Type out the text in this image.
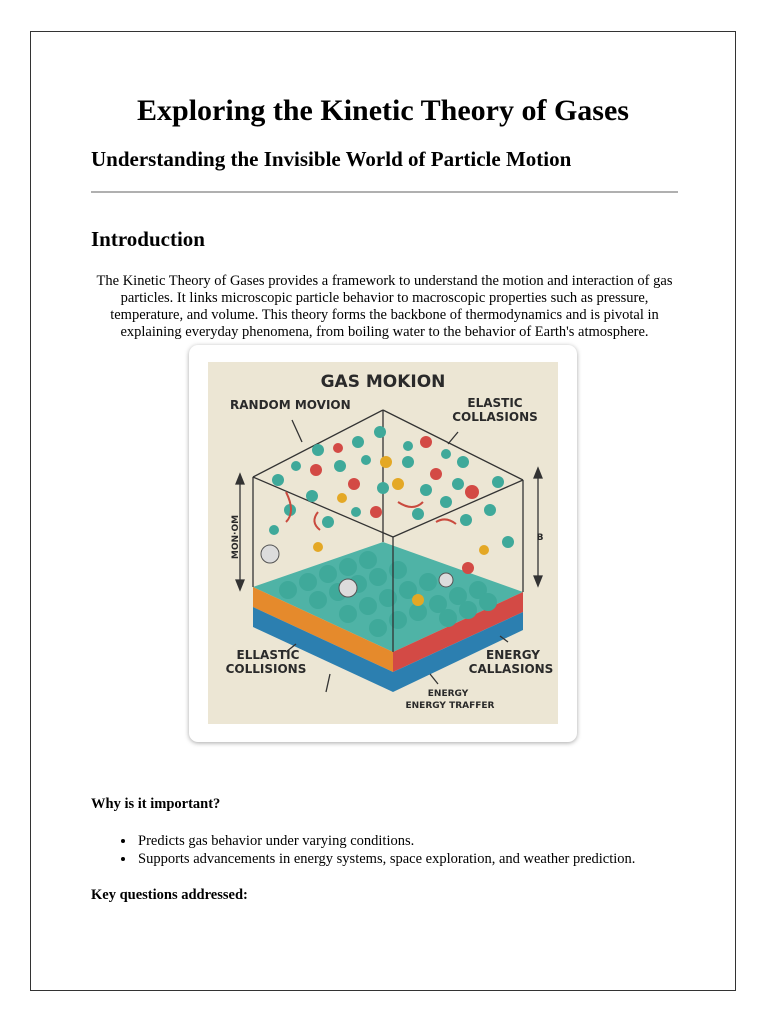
Exploring the Kinetic Theory of Gases
Understanding the Invisible World of Particle Motion
Introduction

The Kinetic Theory of Gases provides a framework to understand the motion and interaction of gas particles. It links microscopic particle behavior to macroscopic properties such as pressure, temperature, and volume. This theory forms the backbone of thermodynamics and is pivotal in explaining everyday phenomena, from boiling water to the behavior of Earth's atmosphere.

GAS MOKION
RANDOM MOVION	ELASTIC
COLLASIONS
MON·OM	B
ELLASTIC
COLLISIONS
ENERGY
CALLASIONS
ENERGY
ENERGY TRAFFER

Why is it important?

• Predicts gas behavior under varying conditions.
• Supports advancements in energy systems, space exploration, and weather prediction.

Key questions addressed:
